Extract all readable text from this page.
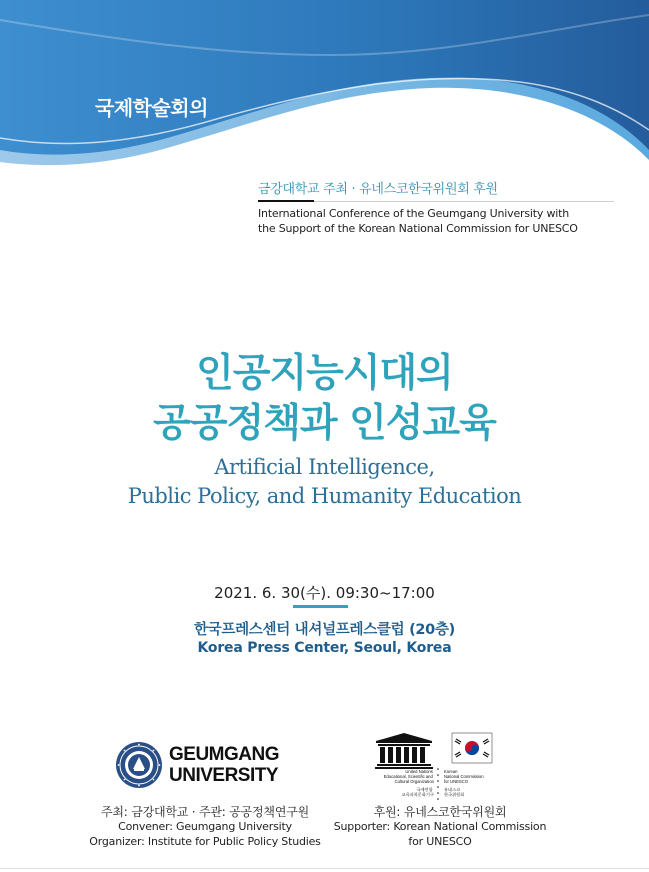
국제학술회의
금강대학교 주최 · 유네스코한국위원회 후원
International Conference of the Geumgang University with
the Support of the Korean National Commission for UNESCO
인공지능시대의
공공정책과 인성교육
Artificial Intelligence,
Public Policy, and Humanity Education
2021. 6. 30(수). 09:30~17:00
한국프레스센터 내셔널프레스클럽 (20층)
Korea Press Center, Seoul, Korea
GEUMGANG
UNIVERSITY	United Nations Educational, Scientific and Cultural Organization
국제연합 교육과학문화기구
Korean National Commission for UNESCO
유네스코 한국위원회
주최: 금강대학교 · 주관: 공공정책연구원
Convener: Geumgang University
Organizer: Institute for Public Policy Studies
후원: 유네스코한국위원회
Supporter: Korean National Commission
for UNESCO
